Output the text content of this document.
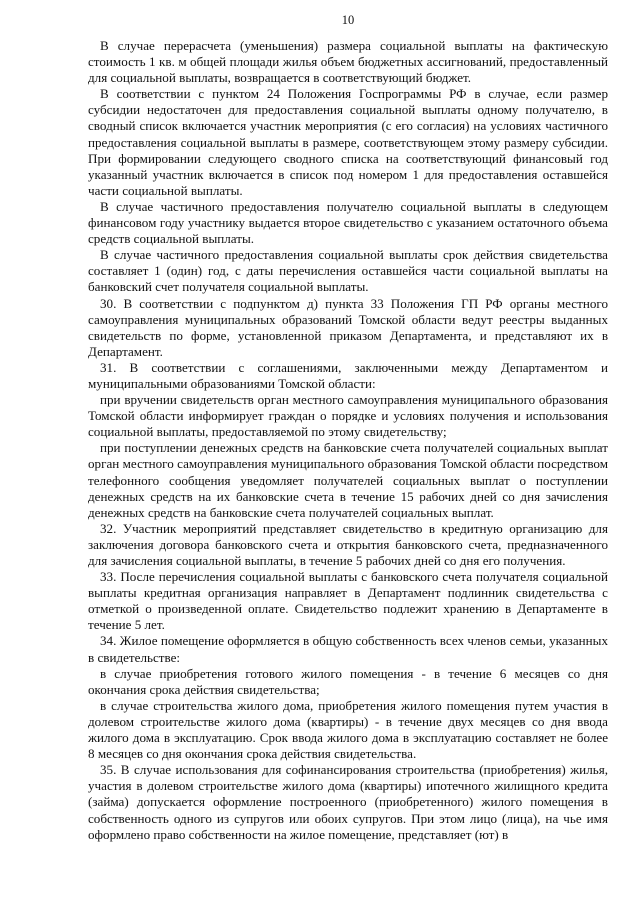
10

В случае перерасчета (уменьшения) размера социальной выплаты на фактическую стоимость 1 кв. м общей площади жилья объем бюджетных ассигнований, предоставленный для социальной выплаты, возвращается в соответствующий бюджет.

В соответствии с пунктом 24 Положения Госпрограммы РФ в случае, если размер субсидии недостаточен для предоставления социальной выплаты одному получателю, в сводный список включается участник мероприятия (с его согласия) на условиях частичного предоставления социальной выплаты в размере, соответствующем этому размеру субсидии. При формировании следующего сводного списка на соответствующий финансовый год указанный участник включается в список под номером 1 для предоставления оставшейся части социальной выплаты.

В случае частичного предоставления получателю социальной выплаты в следующем финансовом году участнику выдается второе свидетельство с указанием остаточного объема средств социальной выплаты.

В случае частичного предоставления социальной выплаты срок действия свидетельства составляет 1 (один) год, с даты перечисления оставшейся части социальной выплаты на банковский счет получателя социальной выплаты.

30. В соответствии с подпунктом д) пункта 33 Положения ГП РФ органы местного самоуправления муниципальных образований Томской области ведут реестры выданных свидетельств по форме, установленной приказом Департамента, и представляют их в Департамент.

31. В соответствии с соглашениями, заключенными между Департаментом и муниципальными образованиями Томской области:

при вручении свидетельств орган местного самоуправления муниципального образования Томской области информирует граждан о порядке и условиях получения и использования социальной выплаты, предоставляемой по этому свидетельству;

при поступлении денежных средств на банковские счета получателей социальных выплат орган местного самоуправления муниципального образования Томской области посредством телефонного сообщения уведомляет получателей социальных выплат о поступлении денежных средств на их банковские счета в течение 15 рабочих дней со дня зачисления денежных средств на банковские счета получателей социальных выплат.

32. Участник мероприятий представляет свидетельство в кредитную организацию для заключения договора банковского счета и открытия банковского счета, предназначенного для зачисления социальной выплаты, в течение 5 рабочих дней со дня его получения.

33. После перечисления социальной выплаты с банковского счета получателя социальной выплаты кредитная организация направляет в Департамент подлинник свидетельства с отметкой о произведенной оплате. Свидетельство подлежит хранению в Департаменте в течение 5 лет.

34. Жилое помещение оформляется в общую собственность всех членов семьи, указанных в свидетельстве:

в случае приобретения готового жилого помещения - в течение 6 месяцев со дня окончания срока действия свидетельства;

в случае строительства жилого дома, приобретения жилого помещения путем участия в долевом строительстве жилого дома (квартиры) - в течение двух месяцев со дня ввода жилого дома в эксплуатацию. Срок ввода жилого дома в эксплуатацию составляет не более 8 месяцев со дня окончания срока действия свидетельства.

35. В случае использования для софинансирования строительства (приобретения) жилья, участия в долевом строительстве жилого дома (квартиры) ипотечного жилищного кредита (займа) допускается оформление построенного (приобретенного) жилого помещения в собственность одного из супругов или обоих супругов. При этом лицо (лица), на чье имя оформлено право собственности на жилое помещение, представляет (ют) в
